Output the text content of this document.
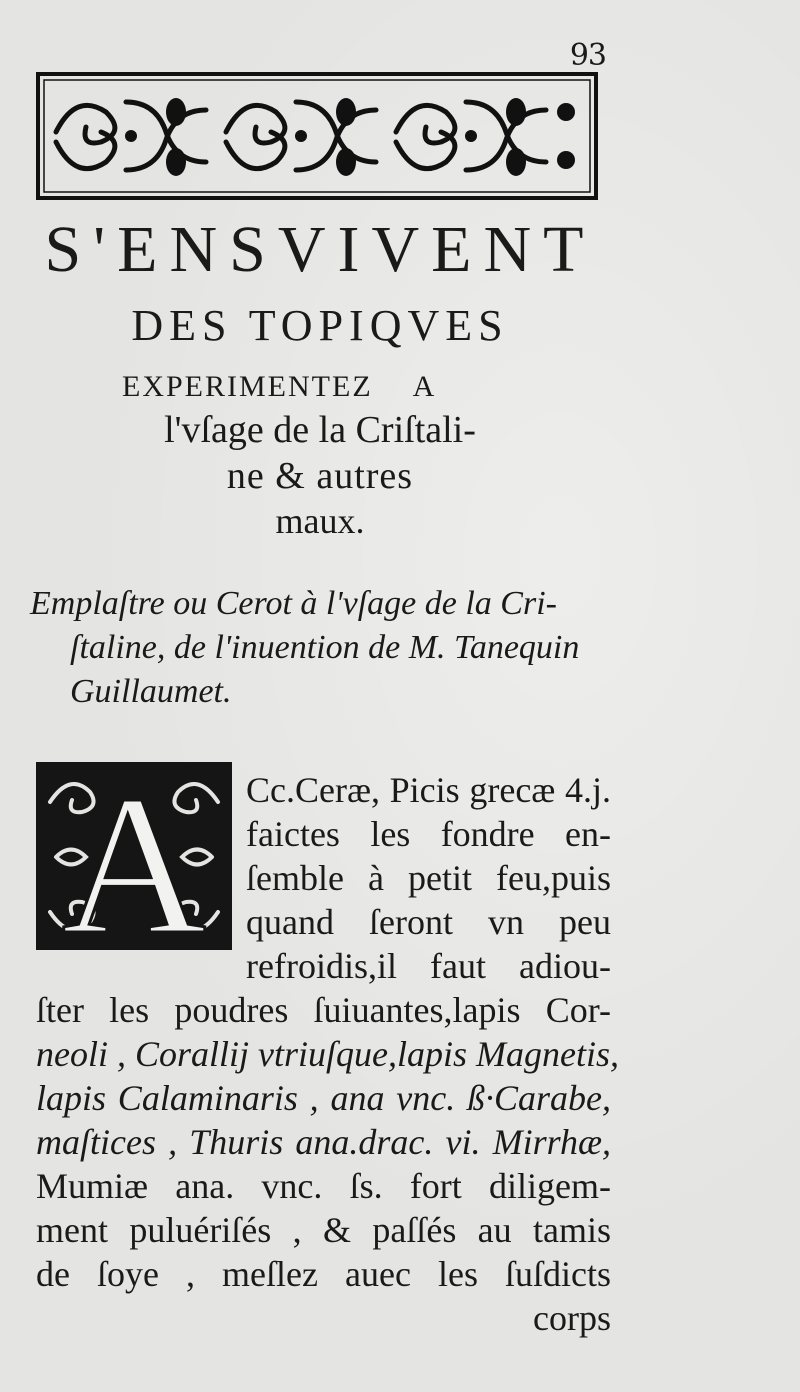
93
S'ENSVIVENT
DES TOPIQVES
EXPERIMENTEZ A
l'vſage de la Criſtali-
ne & autres
maux.
Emplaſtre ou Cerot à l'vſage de la Cri-
ſtaline, de l'inuention de M. Tanequin
Guillaumet.
A Cc.Ceræ, Picis grecæ 4.j.
faictes les fondre en-
ſemble à petit feu,puis
quand ſeront vn peu
refroidis,il faut adiou-
ſter les poudres ſuiuantes,lapis Cor-
neoli , Corallij vtriuſque,lapis Magnetis,
lapis Calaminaris , ana vnc. ß·Carabe,
maſtices , Thuris ana.drac. vi. Mirrhæ,
Mumiæ ana. vnc. ſs. fort diligem-
ment puluériſés , & paſſés au tamis
de ſoye , meſlez auec les ſuſdicts
corps
